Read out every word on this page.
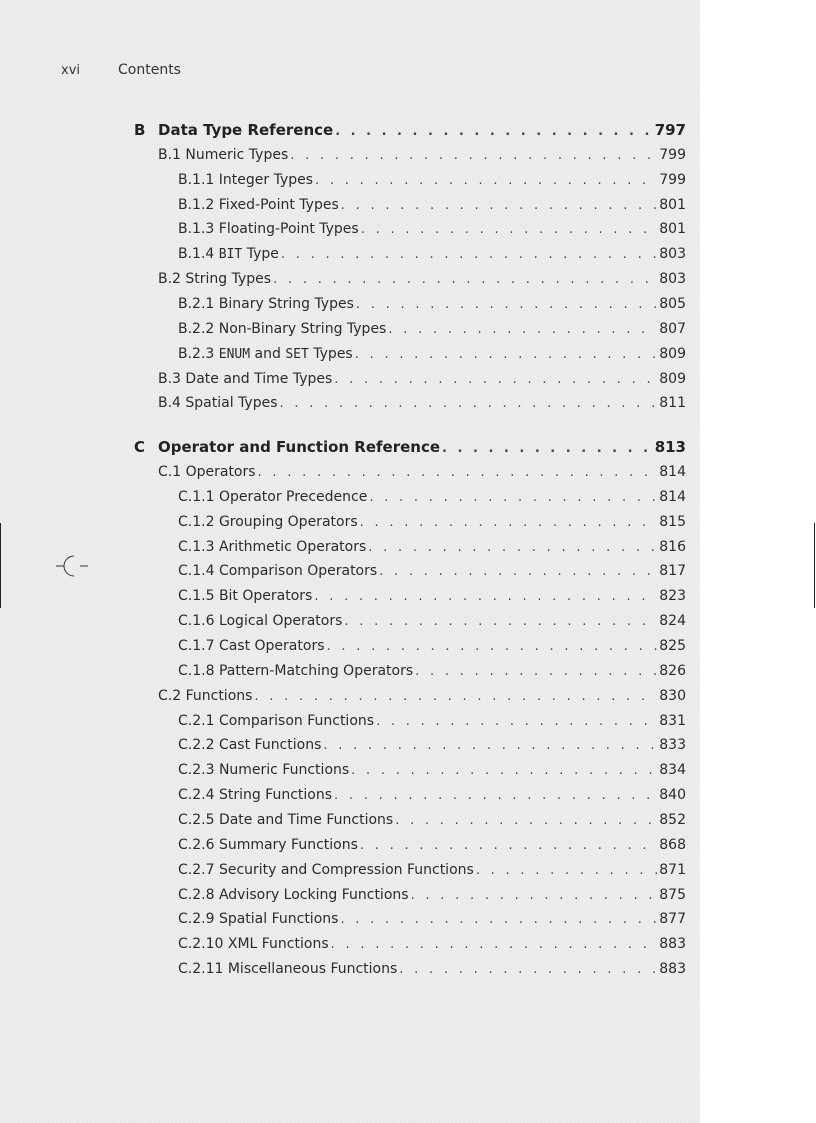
xvi	Contents
B Data Type Reference . . .	797
B.1 Numeric Types . . .	799
B.1.1 Integer Types . . .	799
B.1.2 Fixed-Point Types . . .	801
B.1.3 Floating-Point Types . . .	801
B.1.4 BIT Type . . .	803
B.2 String Types . . .	803
B.2.1 Binary String Types . . .	805
B.2.2 Non-Binary String Types . . .	807
B.2.3 ENUM and SET Types . . .	809
B.3 Date and Time Types . . .	809
B.4 Spatial Types . . .	811
C Operator and Function Reference . . .	813
C.1 Operators . . .	814
C.1.1 Operator Precedence . . .	814
C.1.2 Grouping Operators . . .	815
C.1.3 Arithmetic Operators . . .	816
C.1.4 Comparison Operators . . .	817
C.1.5 Bit Operators . . .	823
C.1.6 Logical Operators . . .	824
C.1.7 Cast Operators . . .	825
C.1.8 Pattern-Matching Operators . . .	826
C.2 Functions . . .	830
C.2.1 Comparison Functions . . .	831
C.2.2 Cast Functions . . .	833
C.2.3 Numeric Functions . . .	834
C.2.4 String Functions . . .	840
C.2.5 Date and Time Functions . . .	852
C.2.6 Summary Functions . . .	868
C.2.7 Security and Compression Functions . . .	871
C.2.8 Advisory Locking Functions . . .	875
C.2.9 Spatial Functions . . .	877
C.2.10 XML Functions . . .	883
C.2.11 Miscellaneous Functions . . .	883
